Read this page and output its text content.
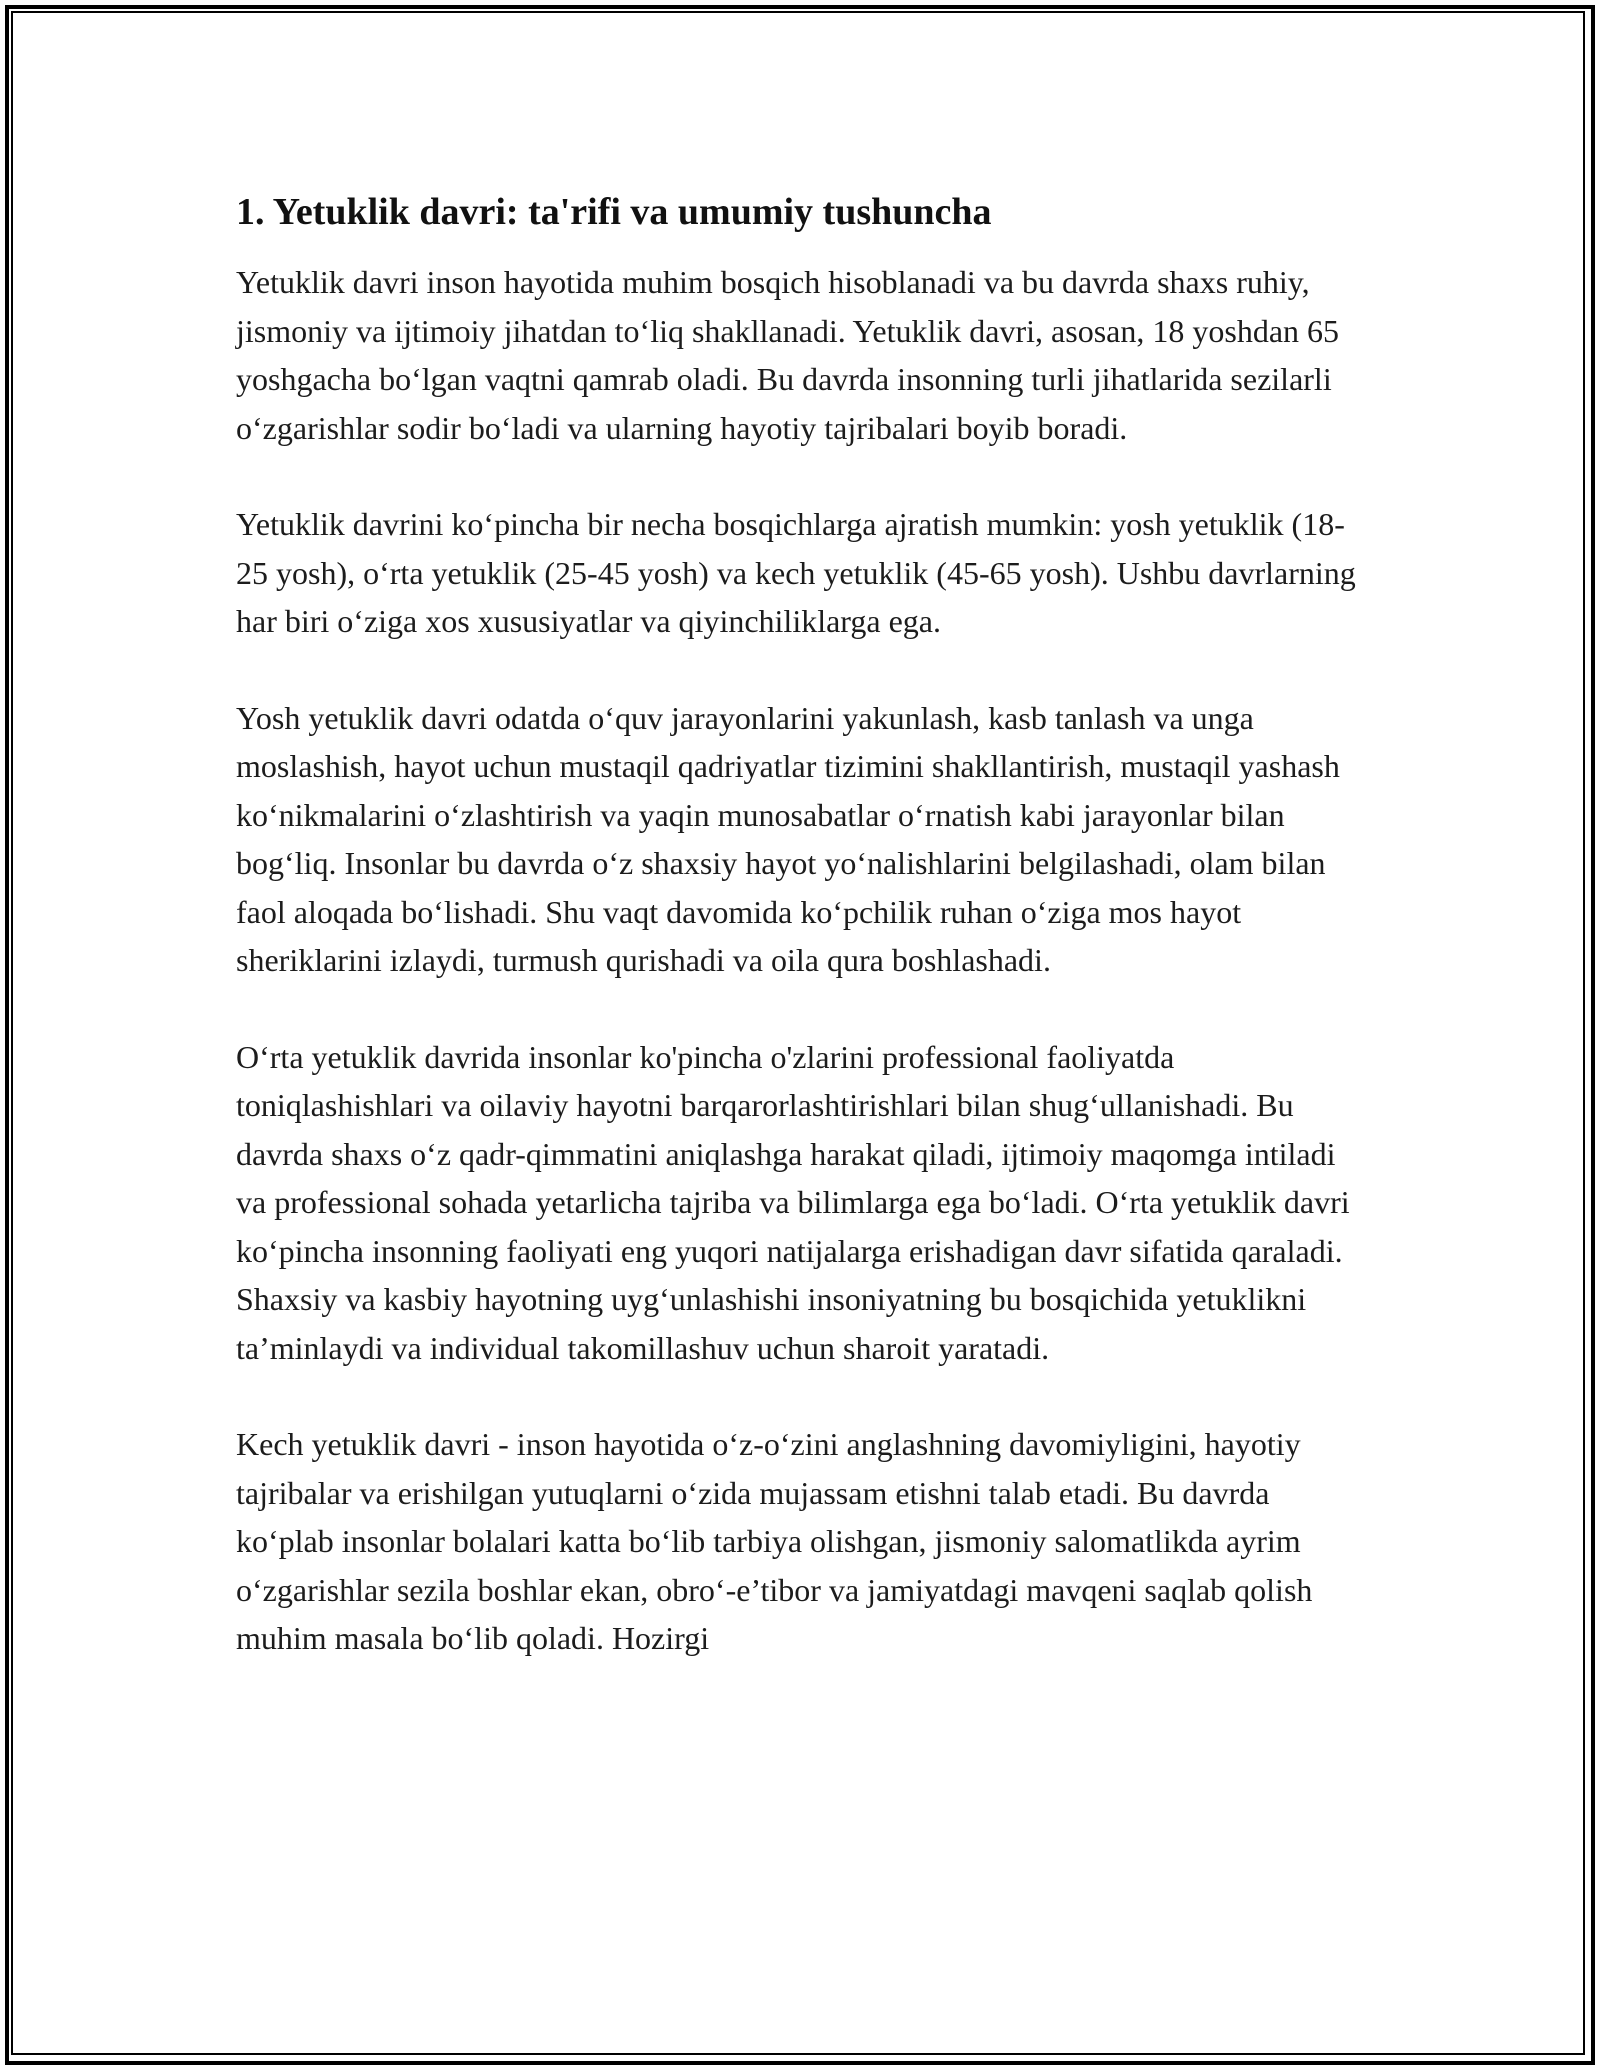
1. Yetuklik davri: ta'rifi va umumiy tushuncha

Yetuklik davri inson hayotida muhim bosqich hisoblanadi va bu davrda shaxs ruhiy, jismoniy va ijtimoiy jihatdan to‘liq shakllanadi. Yetuklik davri, asosan, 18 yoshdan 65 yoshgacha bo‘lgan vaqtni qamrab oladi. Bu davrda insonning turli jihatlarida sezilarli o‘zgarishlar sodir bo‘ladi va ularning hayotiy tajribalari boyib boradi.

Yetuklik davrini ko‘pincha bir necha bosqichlarga ajratish mumkin: yosh yetuklik (18-25 yosh), o‘rta yetuklik (25-45 yosh) va kech yetuklik (45-65 yosh). Ushbu davrlarning har biri o‘ziga xos xususiyatlar va qiyinchiliklarga ega.

Yosh yetuklik davri odatda o‘quv jarayonlarini yakunlash, kasb tanlash va unga moslashish, hayot uchun mustaqil qadriyatlar tizimini shakllantirish, mustaqil yashash ko‘nikmalarini o‘zlashtirish va yaqin munosabatlar o‘rnatish kabi jarayonlar bilan bog‘liq. Insonlar bu davrda o‘z shaxsiy hayot yo‘nalishlarini belgilashadi, olam bilan faol aloqada bo‘lishadi. Shu vaqt davomida ko‘pchilik ruhan o‘ziga mos hayot sheriklarini izlaydi, turmush qurishadi va oila qura boshlashadi.

O‘rta yetuklik davrida insonlar ko'pincha o'zlarini professional faoliyatda toniqlashishlari va oilaviy hayotni barqarorlashtirishlari bilan shug‘ullanishadi. Bu davrda shaxs o‘z qadr-qimmatini aniqlashga harakat qiladi, ijtimoiy maqomga intiladi va professional sohada yetarlicha tajriba va bilimlarga ega bo‘ladi. O‘rta yetuklik davri ko‘pincha insonning faoliyati eng yuqori natijalarga erishadigan davr sifatida qaraladi. Shaxsiy va kasbiy hayotning uyg‘unlashishi insoniyatning bu bosqichida yetuklikni ta’minlaydi va individual takomillashuv uchun sharoit yaratadi.

Kech yetuklik davri - inson hayotida o‘z-o‘zini anglashning davomiyligini, hayotiy tajribalar va erishilgan yutuqlarni o‘zida mujassam etishni talab etadi. Bu davrda ko‘plab insonlar bolalari katta bo‘lib tarbiya olishgan, jismoniy salomatlikda ayrim o‘zgarishlar sezila boshlar ekan, obro‘-e’tibor va jamiyatdagi mavqeni saqlab qolish muhim masala bo‘lib qoladi. Hozirgi
